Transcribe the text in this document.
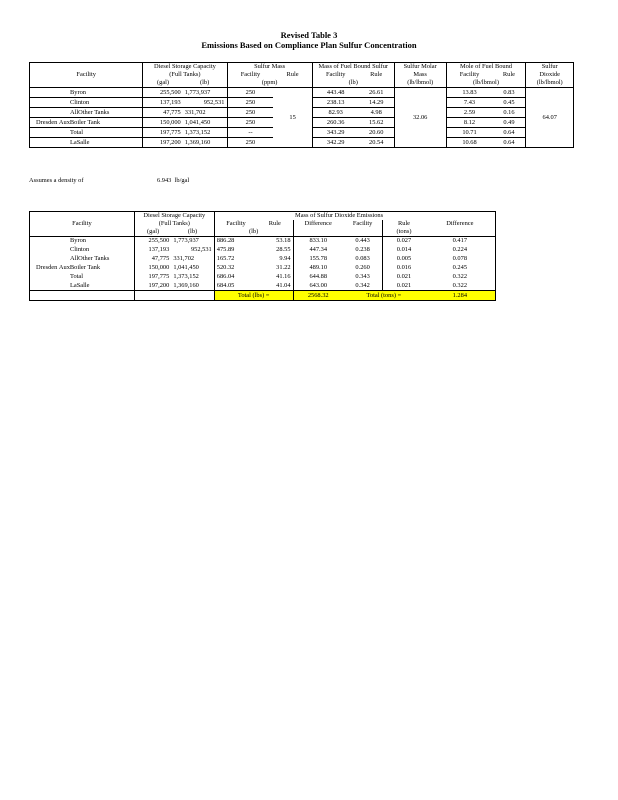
Revised Table 3
Emissions Based on Compliance Plan Sulfur Concentration
	Diesel Storage Capacity		Sulfur Mass		Mass of Fuel Bound Sulfur		Sulfur Molar	Mole of Fuel Bound		Sulfur
Facility	(Full Tanks)		Facility	Rule	Facility	Rule	Mass	Facility	Rule	Dioxide
	(gal)	(lb)	(ppm)		(lb)		(lb/lbmol)	(lb/lbmol)		(lb/lbmol)
Byron	255,500	1,773,937	250	15	443.48	26.61	32.06	13.83	0.83	64.07
Clinton	137,193	952,531	250		238.13	14.29		7.43	0.45	
AllOther Tanks	47,775	331,702	250		82.93	4.98		2.59	0.16	
Dresden AuxBoiler Tank	150,000	1,041,450	250		260.36	15.62		8.12	0.49	
Total	197,775	1,373,152	--		343.29	20.60		10.71	0.64	
LaSalle	197,200	1,369,160	250		342.29	20.54		10.68	0.64	
Assumes a density of	6.943 lb/gal
	Diesel Storage Capacity				Mass of Sulfur Dioxide Emissions			
Facility	(Full Tanks)		Facility	Rule	Difference	Facility	Rule	Difference
	(gal)	(lb)	(lb)				(tons)	
Byron	255,500	1,773,937	886.28	53.18	833.10	0.443	0.027	0.417
Clinton	137,193	952,531	475.89	28.55	447.34	0.238	0.014	0.224
AllOther Tanks	47,775	331,702	165.72	9.94	155.78	0.083	0.005	0.078
Dresden AuxBoiler Tank	150,000	1,041,450	520.32	31.22	489.10	0.260	0.016	0.245
Total	197,775	1,373,152	686.04	41.16	644.88	0.343	0.021	0.322
LaSalle	197,200	1,369,160	684.05	41.04	643.00	0.342	0.021	0.322
			Total (lbs) =		2568.32	Total (tons) =		1.284
